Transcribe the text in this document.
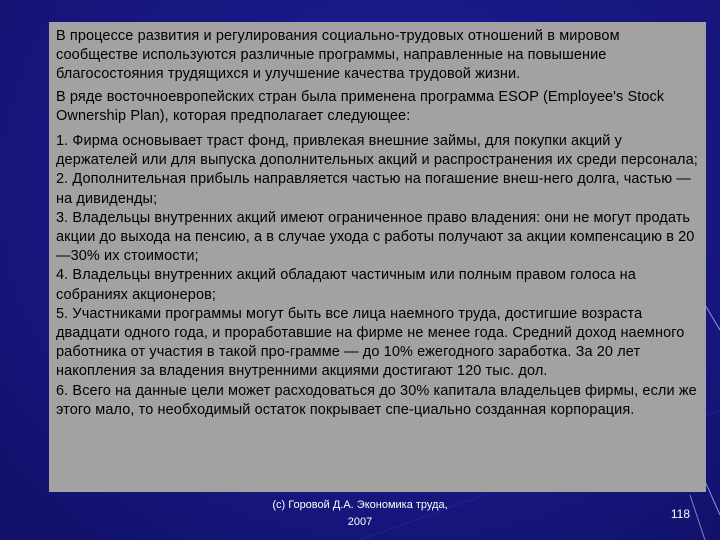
В процессе развития и регулирования социально-трудовых отношений в мировом сообществе используются различные программы, направленные на повышение благосостояния трудящихся и улучшение качества трудовой жизни.

В ряде восточноевропейских стран была применена программа ESOP (Employee's Stock Ownership Plan), которая предполагает следующее:

1. Фирма основывает траст фонд, привлекая внешние займы, для покупки акций у держателей или для выпуска дополнительных акций и распространения их среди персонала;

2. Дополнительная прибыль направляется частью на погашение внеш-него долга, частью — на дивиденды;

3. Владельцы внутренних акций имеют ограниченное право владения: они не могут продать акции до выхода на пенсию, а в случае ухода с работы получают за акции компенсацию в 20—30% их стоимости;

4. Владельцы внутренних акций обладают частичным или полным правом голоса на собраниях акционеров;

5. Участниками программы могут быть все лица наемного труда, достигшие возраста двадцати одного года, и проработавшие на фирме не менее года. Средний доход наемного работника от участия в такой про-грамме — до 10% ежегодного заработка. За 20 лет накопления за владения внутренними акциями достигают 120 тыс. дол.

6. Всего на данные цели может расходоваться до 30% капитала владельцев фирмы, если же этого мало, то необходимый остаток покрывает спе-циально созданная корпорация.

(c) Горовой Д.А. Экономика труда,
2007
118
